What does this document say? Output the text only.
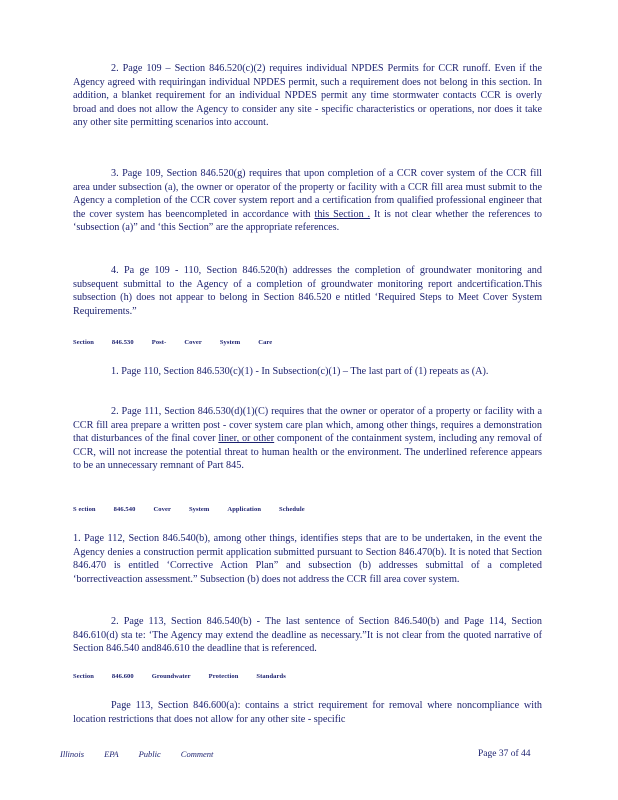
2. Page 109 – Section 846.520(c)(2) requires individual NPDES Permits for CCR runoff. Even if the Agency agreed with requiringan individual NPDES permit, such a requirement does not belong in this section. In addition, a blanket requirement for an individual NPDES permit any time stormwater contacts CCR is overly broad and does not allow the Agency to consider any site - specific characteristics or operations, nor does it take any other site permitting scenarios into account.

3. Page 109, Section 846.520(g) requires that upon completion of a CCR cover system of the CCR fill area under subsection (a), the owner or operator of the property or facility with a CCR fill area must submit to the Agency a completion of the CCR cover system report and a certification from qualified professional engineer that the cover system has beencompleted in accordance with this Section . It is not clear whether the references to ‘subsection (a)” and ‘this Section” are the appropriate references.

4. Pa ge 109 - 110, Section 846.520(h) addresses the completion of groundwater monitoring and subsequent submittal to the Agency of a completion of groundwater monitoring report andcertification.This subsection (h) does not appear to belong in Section 846.520 e ntitled ‘Required Steps to Meet Cover System Requirements.”

Section	846.530	Post-	Cover	System	Care

1. Page 110, Section 846.530(c)(1) - In Subsection(c)(1) – The last part of (1) repeats as (A).

2. Page 111, Section 846.530(d)(1)(C) requires that the owner or operator of a property or facility with a CCR fill area prepare a written post - cover system care plan which, among other things, requires a demonstration that disturbances of the final cover liner, or other component of the containment system, including any removal of CCR, will not increase the potential threat to human health or the environment. The underlined reference appears to be an unnecessary remnant of Part 845.

S ection	846.540	Cover	System	Application	Schedule

1. Page 112, Section 846.540(b), among other things, identifies steps that are to be undertaken, in the event the Agency denies a construction permit application submitted pursuant to Section 846.470(b). It is noted that Section 846.470 is entitled ‘Corrective Action Plan” and subsection (b) addresses submittal of a completed ‘borrectiveaction assessment.” Subsection (b) does not address the CCR fill area cover system.

2. Page 113, Section 846.540(b) - The last sentence of Section 846.540(b) and Page 114, Section 846.610(d) sta te: ‘The Agency may extend the deadline as necessary.”It is not clear from the quoted narrative of Section 846.540 and846.610 the deadline that is referenced.

Section	846.600	Groundwater	Protection	Standards

Page 113, Section 846.600(a): contains a strict requirement for removal where noncompliance with location restrictions that does not allow for any other site - specific

Illinois EPA Public Comment	Page 37 of 44
